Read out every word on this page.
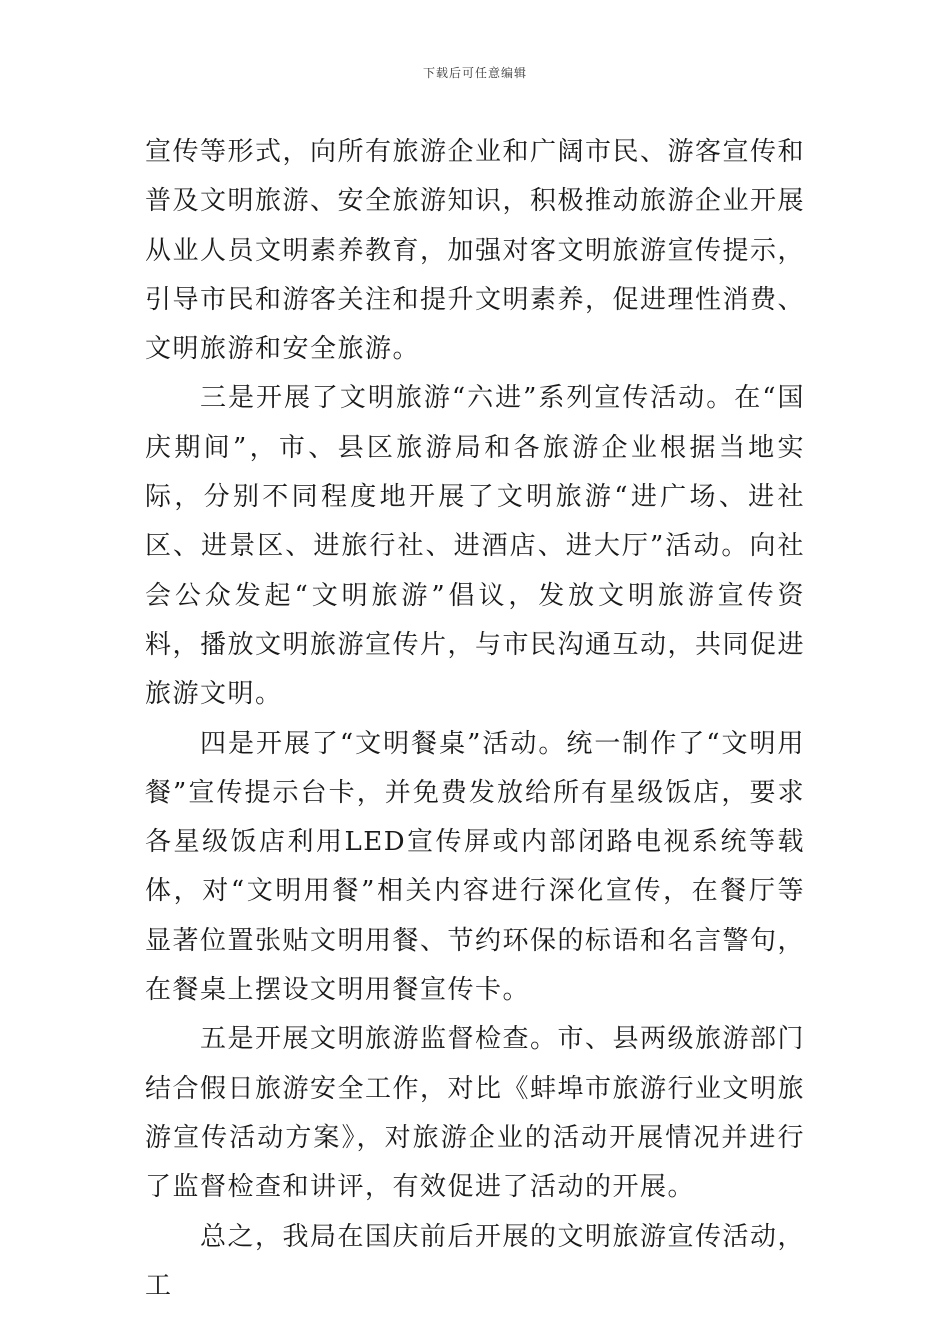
下载后可任意编辑

宣传等形式，向所有旅游企业和广阔市民、游客宣传和普及文明旅游、安全旅游知识，积极推动旅游企业开展从业人员文明素养教育，加强对客文明旅游宣传提示，引导市民和游客关注和提升文明素养，促进理性消费、文明旅游和安全旅游。

三是开展了文明旅游“六进”系列宣传活动。在“国庆期间”，市、县区旅游局和各旅游企业根据当地实际，分别不同程度地开展了文明旅游“进广场、进社区、进景区、进旅行社、进酒店、进大厅”活动。向社会公众发起“文明旅游”倡议，发放文明旅游宣传资料，播放文明旅游宣传片，与市民沟通互动，共同促进旅游文明。

四是开展了“文明餐桌”活动。统一制作了“文明用餐”宣传提示台卡，并免费发放给所有星级饭店，要求各星级饭店利用LED宣传屏或内部闭路电视系统等载体，对“文明用餐”相关内容进行深化宣传，在餐厅等显著位置张贴文明用餐、节约环保的标语和名言警句，在餐桌上摆设文明用餐宣传卡。

五是开展文明旅游监督检查。市、县两级旅游部门结合假日旅游安全工作，对比《蚌埠市旅游行业文明旅游宣传活动方案》，对旅游企业的活动开展情况并进行了监督检查和讲评，有效促进了活动的开展。

总之，我局在国庆前后开展的文明旅游宣传活动，工
